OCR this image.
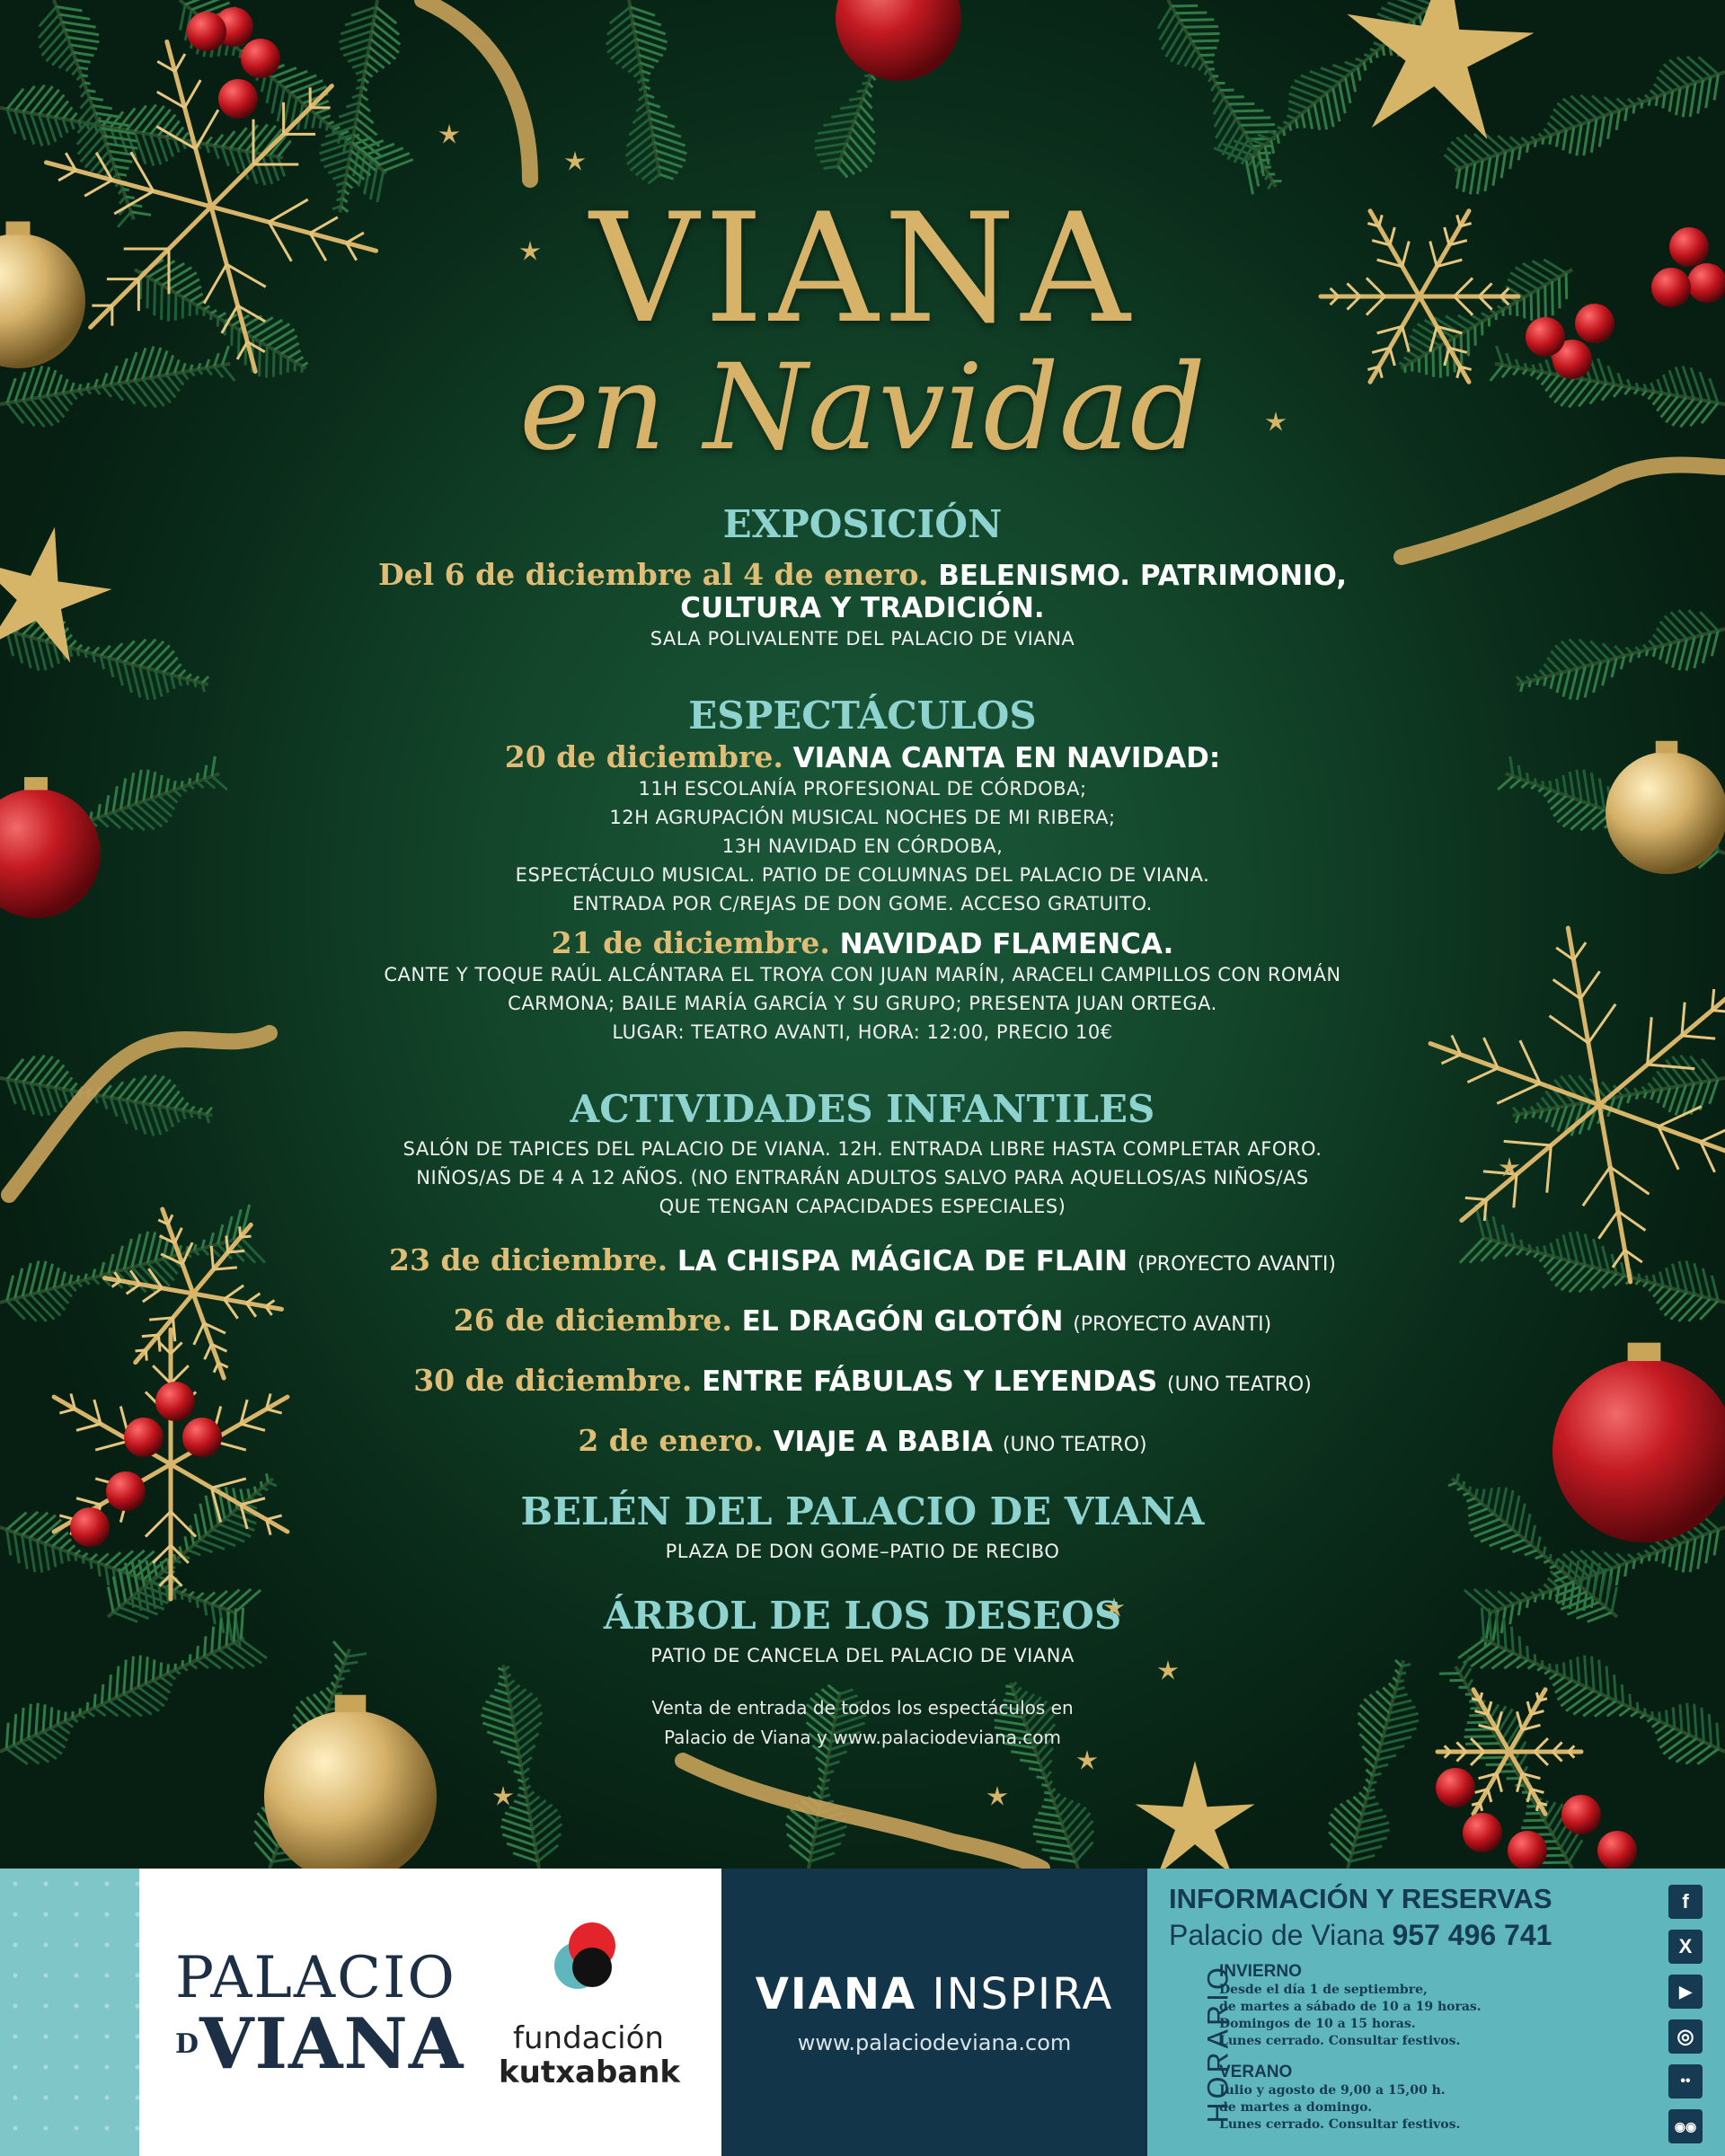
VIANA
en Navidad
EXPOSICIÓN
Del 6 de diciembre al 4 de enero. BELENISMO. PATRIMONIO,
CULTURA Y TRADICIÓN.
SALA POLIVALENTE DEL PALACIO DE VIANA
ESPECTÁCULOS
20 de diciembre. VIANA CANTA EN NAVIDAD:
11H ESCOLANÍA PROFESIONAL DE CÓRDOBA;
12H AGRUPACIÓN MUSICAL NOCHES DE MI RIBERA;
13H NAVIDAD EN CÓRDOBA,
ESPECTÁCULO MUSICAL. PATIO DE COLUMNAS DEL PALACIO DE VIANA.
ENTRADA POR C/REJAS DE DON GOME. ACCESO GRATUITO.
21 de diciembre. NAVIDAD FLAMENCA.
CANTE Y TOQUE RAÚL ALCÁNTARA EL TROYA CON JUAN MARÍN, ARACELI CAMPILLOS CON ROMÁN
CARMONA; BAILE MARÍA GARCÍA Y SU GRUPO; PRESENTA JUAN ORTEGA.
LUGAR: TEATRO AVANTI, HORA: 12:00, PRECIO 10€
ACTIVIDADES INFANTILES
SALÓN DE TAPICES DEL PALACIO DE VIANA. 12H. ENTRADA LIBRE HASTA COMPLETAR AFORO.
NIÑOS/AS DE 4 A 12 AÑOS. (NO ENTRARÁN ADULTOS SALVO PARA AQUELLOS/AS NIÑOS/AS
QUE TENGAN CAPACIDADES ESPECIALES)
23 de diciembre. LA CHISPA MÁGICA DE FLAIN (PROYECTO AVANTI)
26 de diciembre. EL DRAGÓN GLOTÓN (PROYECTO AVANTI)
30 de diciembre. ENTRE FÁBULAS Y LEYENDAS (UNO TEATRO)
2 de enero. VIAJE A BABIA (UNO TEATRO)
BELÉN DEL PALACIO DE VIANA
PLAZA DE DON GOME–PATIO DE RECIBO
ÁRBOL DE LOS DESEOS
PATIO DE CANCELA DEL PALACIO DE VIANA
Venta de entrada de todos los espectáculos en
Palacio de Viana y www.palaciodeviana.com
PALACIO
$^D$VIANA	fundación
kutxabank
VIANA INSPIRA
www.palaciodeviana.com
INFORMACIÓN Y RESERVAS
Palacio de Viana 957 496 741
HORARIO
INVIERNO
Desde el día 1 de septiembre,
de martes a sábado de 10 a 19 horas.
Domingos de 10 a 15 horas.
Lunes cerrado. Consultar festivos.
VERANO
Julio y agosto de 9,00 a 15,00 h.
de martes a domingo.
Lunes cerrado. Consultar festivos.
f
X
▶
◎
••
◉◉
